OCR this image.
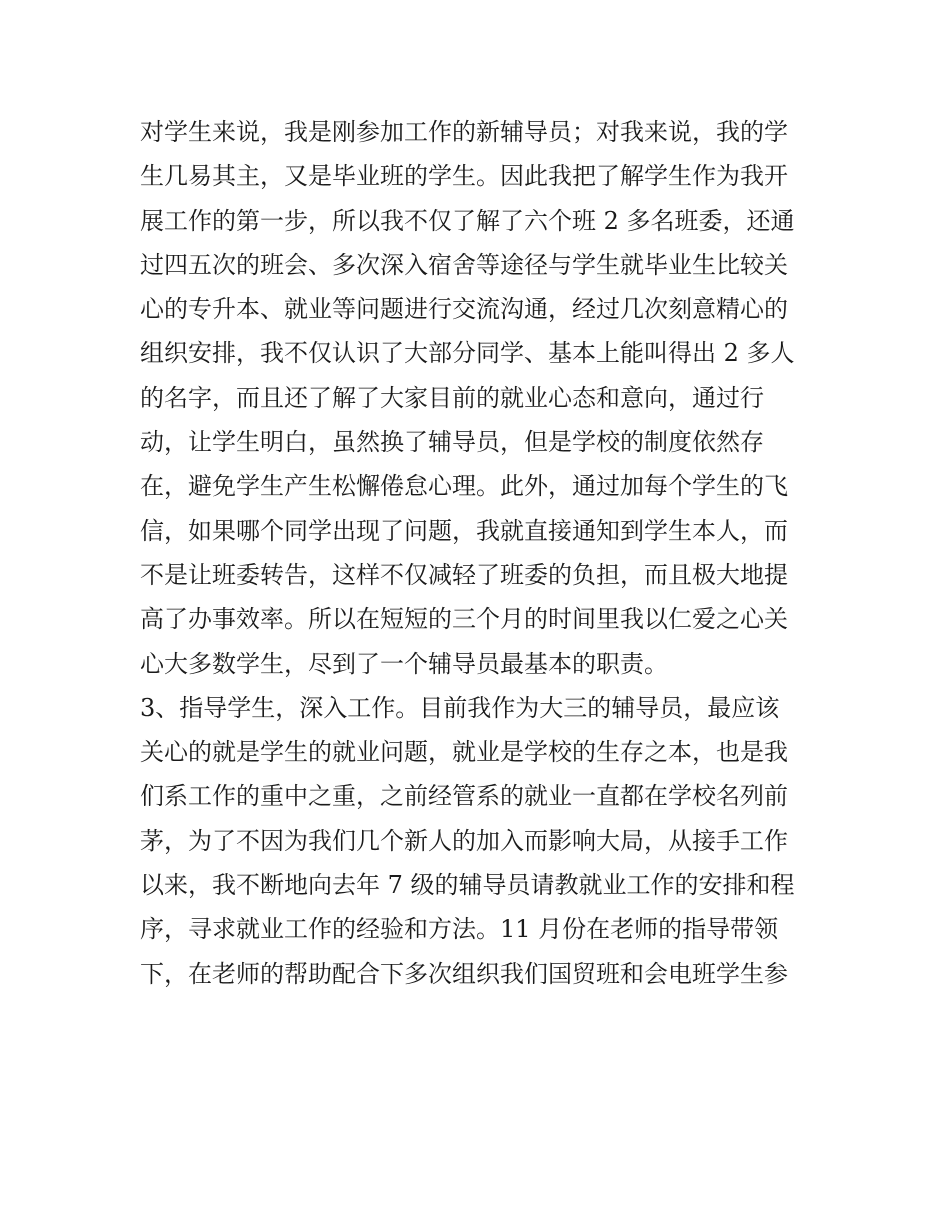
对学生来说，我是刚参加工作的新辅导员；对我来说，我的学
生几易其主，又是毕业班的学生。因此我把了解学生作为我开
展工作的第一步，所以我不仅了解了六个班 2 多名班委，还通
过四五次的班会、多次深入宿舍等途径与学生就毕业生比较关
心的专升本、就业等问题进行交流沟通，经过几次刻意精心的
组织安排，我不仅认识了大部分同学、基本上能叫得出 2 多人
的名字，而且还了解了大家目前的就业心态和意向，通过行
动，让学生明白，虽然换了辅导员，但是学校的制度依然存
在，避免学生产生松懈倦怠心理。此外，通过加每个学生的飞
信，如果哪个同学出现了问题，我就直接通知到学生本人，而
不是让班委转告，这样不仅减轻了班委的负担，而且极大地提
高了办事效率。所以在短短的三个月的时间里我以仁爱之心关
心大多数学生，尽到了一个辅导员最基本的职责。
3、指导学生，深入工作。目前我作为大三的辅导员，最应该
关心的就是学生的就业问题，就业是学校的生存之本，也是我
们系工作的重中之重，之前经管系的就业一直都在学校名列前
茅，为了不因为我们几个新人的加入而影响大局，从接手工作
以来，我不断地向去年 7 级的辅导员请教就业工作的安排和程
序，寻求就业工作的经验和方法。11 月份在老师的指导带领
下，在老师的帮助配合下多次组织我们国贸班和会电班学生参
